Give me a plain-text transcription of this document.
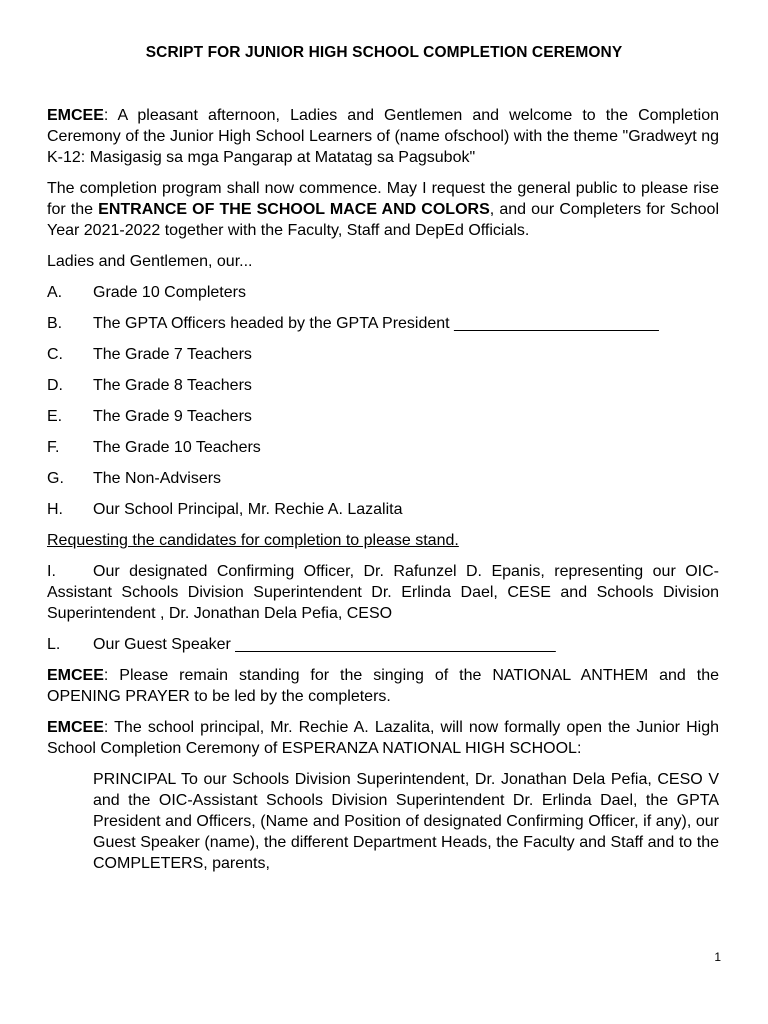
SCRIPT FOR JUNIOR HIGH SCHOOL COMPLETION CEREMONY

EMCEE: A pleasant afternoon, Ladies and Gentlemen and welcome to the Completion Ceremony of the Junior High School Learners of (name ofschool) with the theme "Gradweyt ng K-12: Masigasig sa mga Pangarap at Matatag sa Pagsubok"

The completion program shall now commence. May I request the general public to please rise for the ENTRANCE OF THE SCHOOL MACE AND COLORS, and our Completers for School Year 2021-2022 together with the Faculty, Staff and DepEd Officials.

Ladies and Gentlemen, our...

A.	Grade 10 Completers
B.	The GPTA Officers headed by the GPTA President _______________________
C.	The Grade 7 Teachers
D.	The Grade 8 Teachers
E.	The Grade 9 Teachers
F.	The Grade 10 Teachers
G.	The Non-Advisers
H.	Our School Principal, Mr. Rechie A. Lazalita
Requesting the candidates for completion to please stand.

I. Our designated Confirming Officer, Dr. Rafunzel D. Epanis, representing our OIC-Assistant Schools Division Superintendent Dr. Erlinda Dael, CESE and Schools Division Superintendent , Dr. Jonathan Dela Pefia, CESO

L.	Our Guest Speaker ____________________________________

EMCEE: Please remain standing for the singing of the NATIONAL ANTHEM and the OPENING PRAYER to be led by the completers.

EMCEE: The school principal, Mr. Rechie A. Lazalita, will now formally open the Junior High School Completion Ceremony of ESPERANZA NATIONAL HIGH SCHOOL:

PRINCIPAL To our Schools Division Superintendent, Dr. Jonathan Dela Pefia, CESO V and the OIC-Assistant Schools Division Superintendent Dr. Erlinda Dael, the GPTA President and Officers, (Name and Position of designated Confirming Officer, if any), our Guest Speaker (name), the different Department Heads, the Faculty and Staff and to the COMPLETERS, parents,

1
